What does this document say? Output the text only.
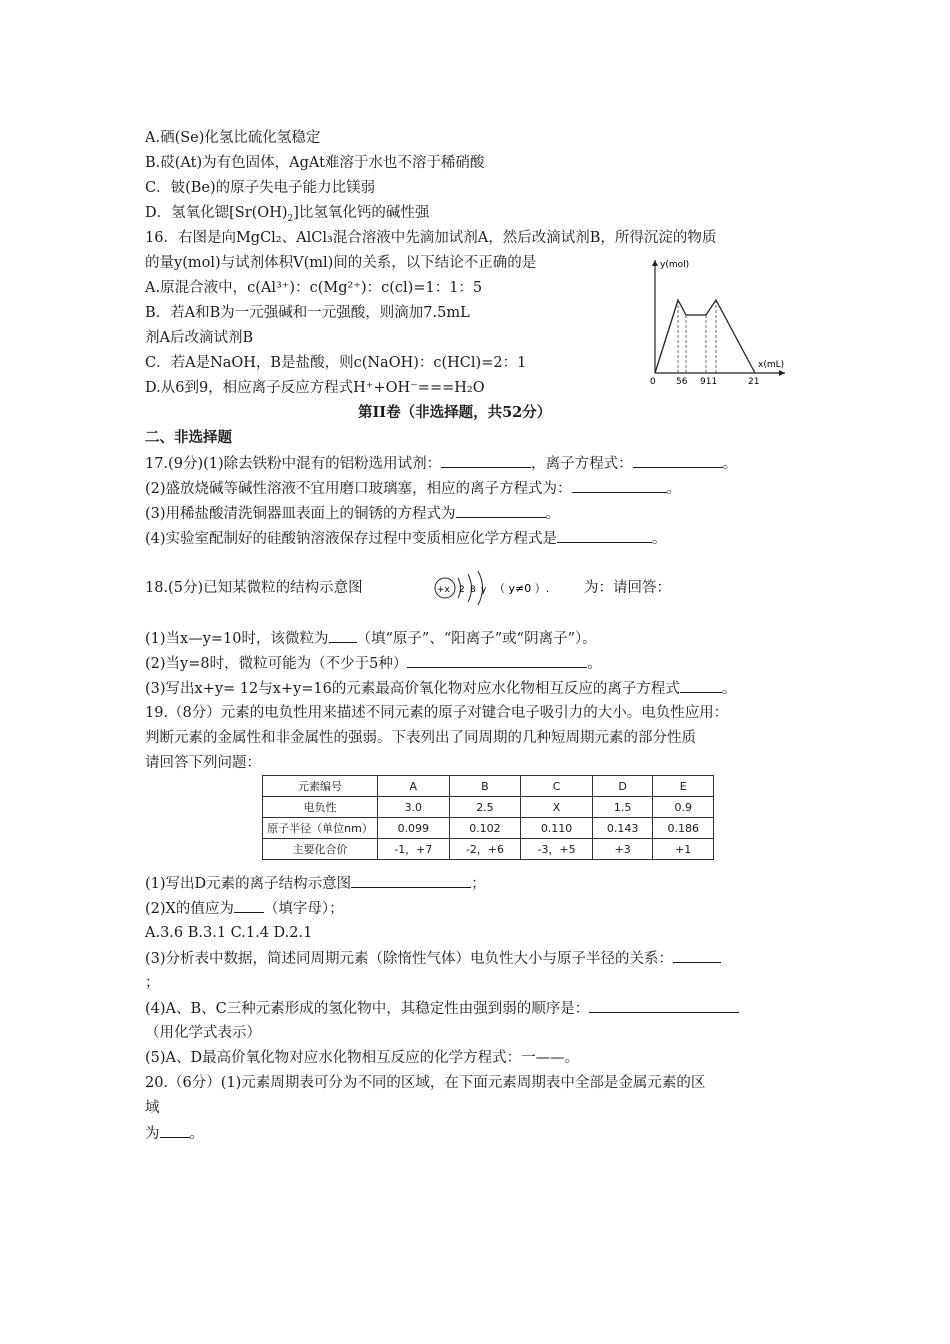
A.硒(Se)化氢比硫化氢稳定
B.砹(At)为有色固体，AgAt难溶于水也不溶于稀硝酸
C．铍(Be)的原子失电子能力比镁弱
D．氢氧化锶$[Sr(OH)_2]$比氢氧化钙的碱性强
16．右图是向MgCl₂、AlCl₃混合溶液中先滴加试剂A，然后改滴试剂B，所得沉淀的物质
的量y(mol)与试剂体积V(ml)间的关系，以下结论不正确的是
A.原混合液中，c(Al³⁺)：c(Mg²⁺)：c(cl)=1：1：5
B．若A和B为一元强碱和一元强酸，则滴加7.5mL
剂A后改滴试剂B
C．若A是NaOH，B是盐酸，则c(NaOH)：c(HCl)=2：1
D.从6到9，相应离子反应方程式H⁺+OH⁻===H₂O
y(mol)
x(mL)
0 56 911	21
第II卷（非选择题，共52分）
二、非选择题
17.(9分)(1)除去铁粉中混有的铝粉选用试剂：	，离子方程式：	。
(2)盛放烧碱等碱性溶液不宜用磨口玻璃塞，相应的离子方程式为：	。
(3)用稀盐酸清洗铜器皿表面上的铜锈的方程式为	。
(4)实验室配制好的硅酸钠溶液保存过程中变质相应化学方程式是	。
18.(5分)已知某微粒的结构示意图	+x 2 8 y （ y≠0 ）. 为：请回答：
(1)当x—y=10时，该微粒为 （填“原子”、“阳离子”或“阴离子”）。
(2)当y=8时，微粒可能为（不少于5种）	。
(3)写出x+y= 12与x+y=16的元素最高价氧化物对应水化物相互反应的离子方程式	。
19.（8分）元素的电负性用来描述不同元素的原子对键合电子吸引力的大小。电负性应用：
判断元素的金属性和非金属性的强弱。下表列出了同周期的几种短周期元素的部分性质
请回答下列问题：
元素编号	A	B	C	D	E
电负性	3.0	2.5	X	1.5	0.9
原子半径（单位nm）	0.099	0.102	0.110	0.143	0.186
主要化合价	-1，+7	-2，+6	-3，+5	+3	+1
(1)写出D元素的离子结构示意图	；
(2)X的值应为 （填字母）；
A.3.6 B.3.1 C.1.4 D.2.1
(3)分析表中数据，简述同周期元素（除惰性气体）电负性大小与原子半径的关系：
；
(4)A、B、C三种元素形成的氢化物中，其稳定性由强到弱的顺序是：
（用化学式表示）
(5)A、D最高价氧化物对应水化物相互反应的化学方程式：一——。
20.（6分）(1)元素周期表可分为不同的区域，在下面元素周期表中全部是金属元素的区
域
为 。
